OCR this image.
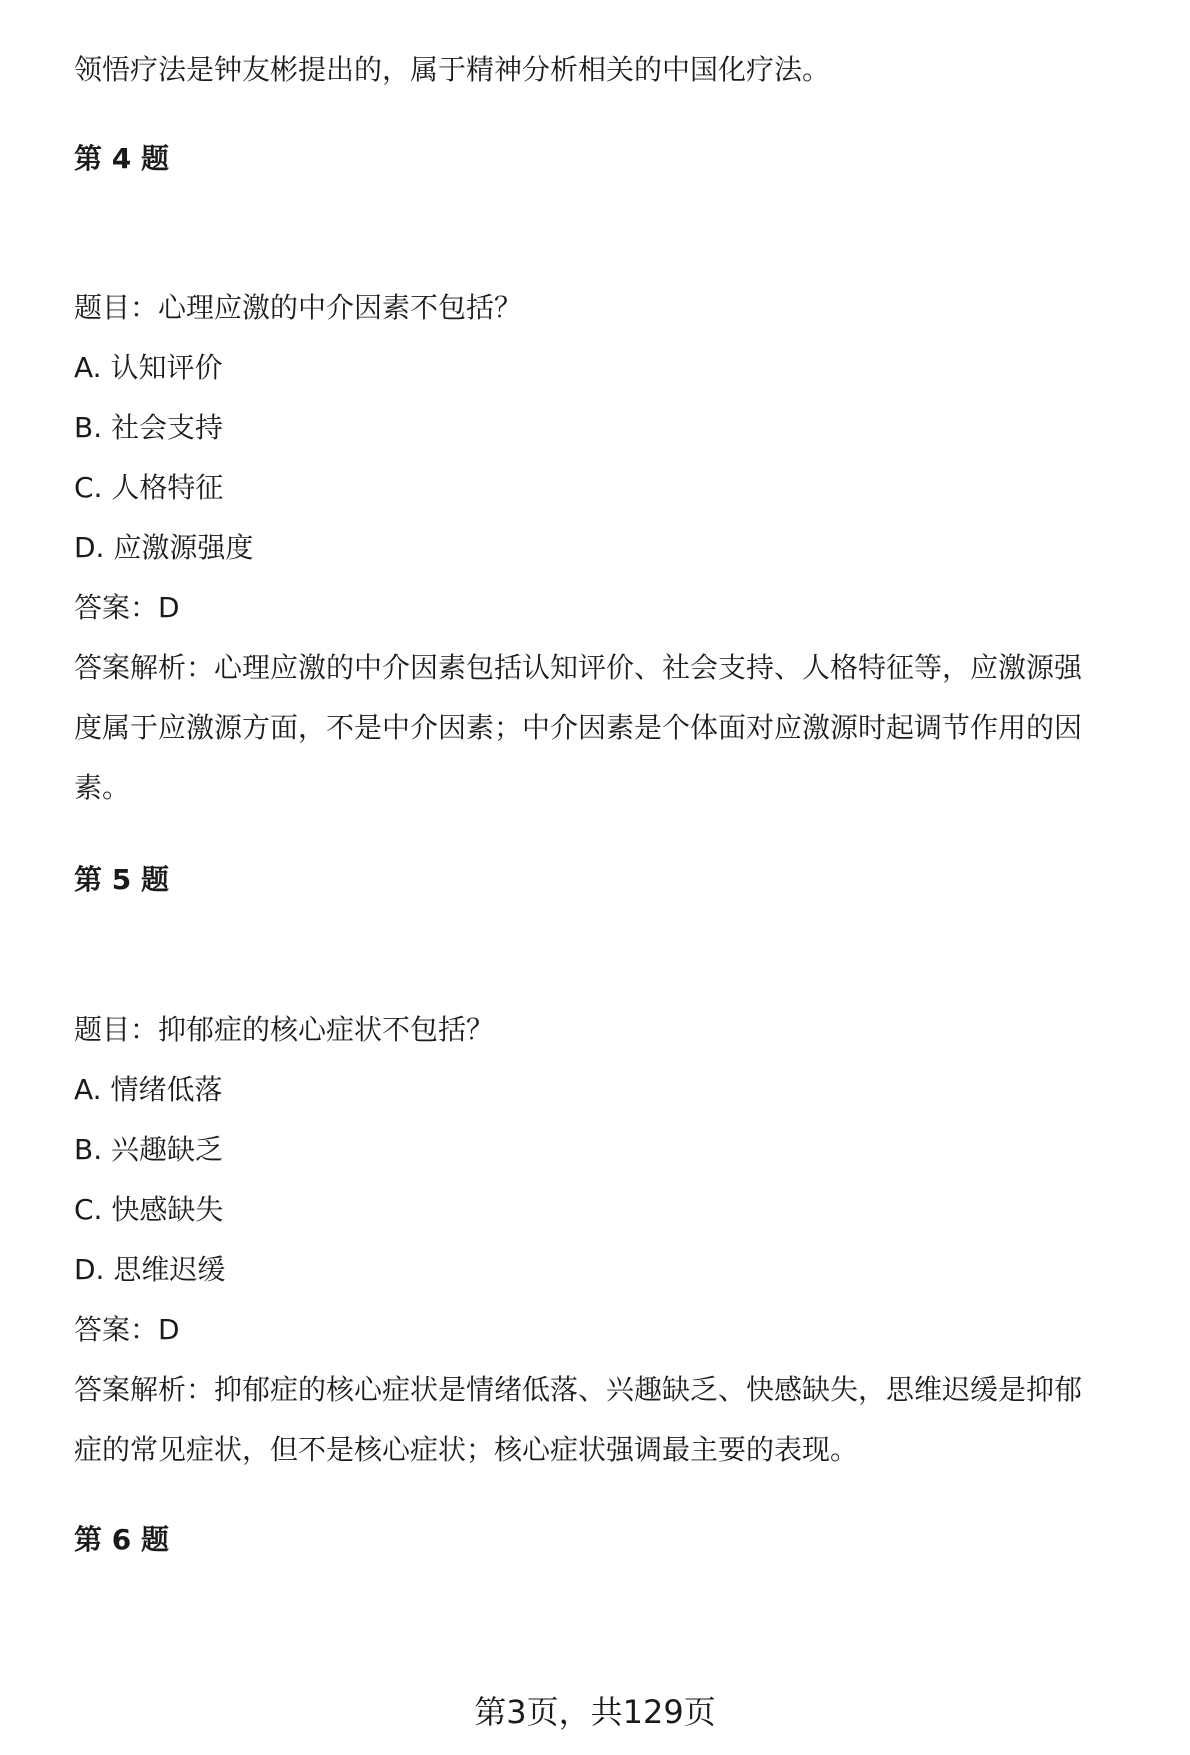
领悟疗法是钟友彬提出的，属于精神分析相关的中国化疗法。
第 4 题
题目：心理应激的中介因素不包括？
A. 认知评价
B. 社会支持
C. 人格特征
D. 应激源强度
答案：D
答案解析：心理应激的中介因素包括认知评价、社会支持、人格特征等，应激源强
度属于应激源方面，不是中介因素；中介因素是个体面对应激源时起调节作用的因
素。
第 5 题
题目：抑郁症的核心症状不包括？
A. 情绪低落
B. 兴趣缺乏
C. 快感缺失
D. 思维迟缓
答案：D
答案解析：抑郁症的核心症状是情绪低落、兴趣缺乏、快感缺失，思维迟缓是抑郁
症的常见症状，但不是核心症状；核心症状强调最主要的表现。
第 6 题
第3页，共129页
